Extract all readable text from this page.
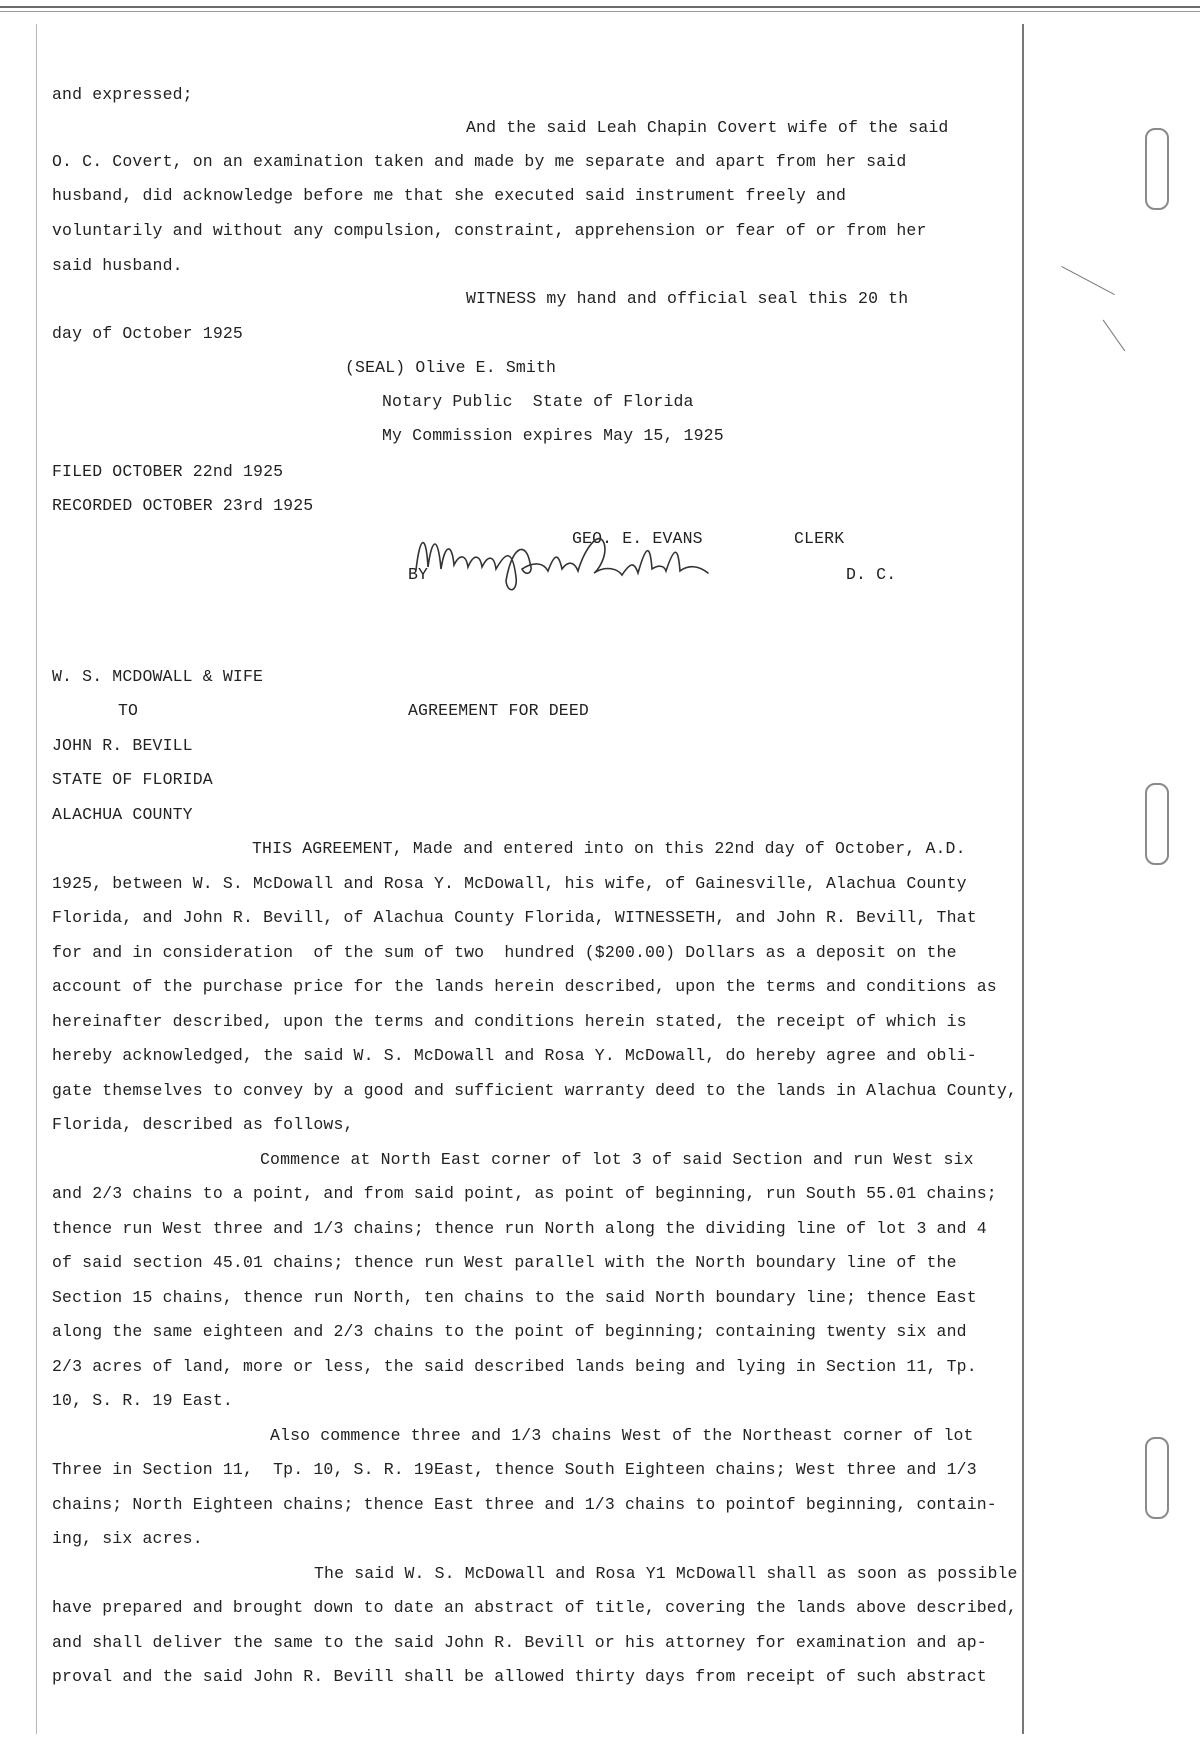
and expressed;
And the said Leah Chapin Covert wife of the said
O. C. Covert, on an examination taken and made by me separate and apart from her said
husband, did acknowledge before me that she executed said instrument freely and
voluntarily and without any compulsion, constraint, apprehension or fear of or from her
said husband.
WITNESS my hand and official seal this 20 th
day of October 1925
(SEAL) Olive E. Smith
Notary Public  State of Florida
My Commission expires May 15, 1925
FILED OCTOBER 22nd 1925
RECORDED OCTOBER 23rd 1925
GEO. E. EVANS	CLERK
BY	D. C.
W. S. MCDOWALL & WIFE
TO	AGREEMENT FOR DEED
JOHN R. BEVILL
STATE OF FLORIDA
ALACHUA COUNTY
THIS AGREEMENT, Made and entered into on this 22nd day of October, A.D.
1925, between W. S. McDowall and Rosa Y. McDowall, his wife, of Gainesville, Alachua County
Florida, and John R. Bevill, of Alachua County Florida, WITNESSETH, and John R. Bevill, That
for and in consideration  of the sum of two  hundred ($200.00) Dollars as a deposit on the
account of the purchase price for the lands herein described, upon the terms and conditions as
hereinafter described, upon the terms and conditions herein stated, the receipt of which is
hereby acknowledged, the said W. S. McDowall and Rosa Y. McDowall, do hereby agree and obli-
gate themselves to convey by a good and sufficient warranty deed to the lands in Alachua County,
Florida, described as follows,
Commence at North East corner of lot 3 of said Section and run West six
and 2/3 chains to a point, and from said point, as point of beginning, run South 55.01 chains;
thence run West three and 1/3 chains; thence run North along the dividing line of lot 3 and 4
of said section 45.01 chains; thence run West parallel with the North boundary line of the
Section 15 chains, thence run North, ten chains to the said North boundary line; thence East
along the same eighteen and 2/3 chains to the point of beginning; containing twenty six and
2/3 acres of land, more or less, the said described lands being and lying in Section 11, Tp.
10, S. R. 19 East.
Also commence three and 1/3 chains West of the Northeast corner of lot
Three in Section 11,  Tp. 10, S. R. 19East, thence South Eighteen chains; West three and 1/3
chains; North Eighteen chains; thence East three and 1/3 chains to pointof beginning, contain-
ing, six acres.
The said W. S. McDowall and Rosa Y1 McDowall shall as soon as possible
have prepared and brought down to date an abstract of title, covering the lands above described,
and shall deliver the same to the said John R. Bevill or his attorney for examination and ap-
proval and the said John R. Bevill shall be allowed thirty days from receipt of such abstract
